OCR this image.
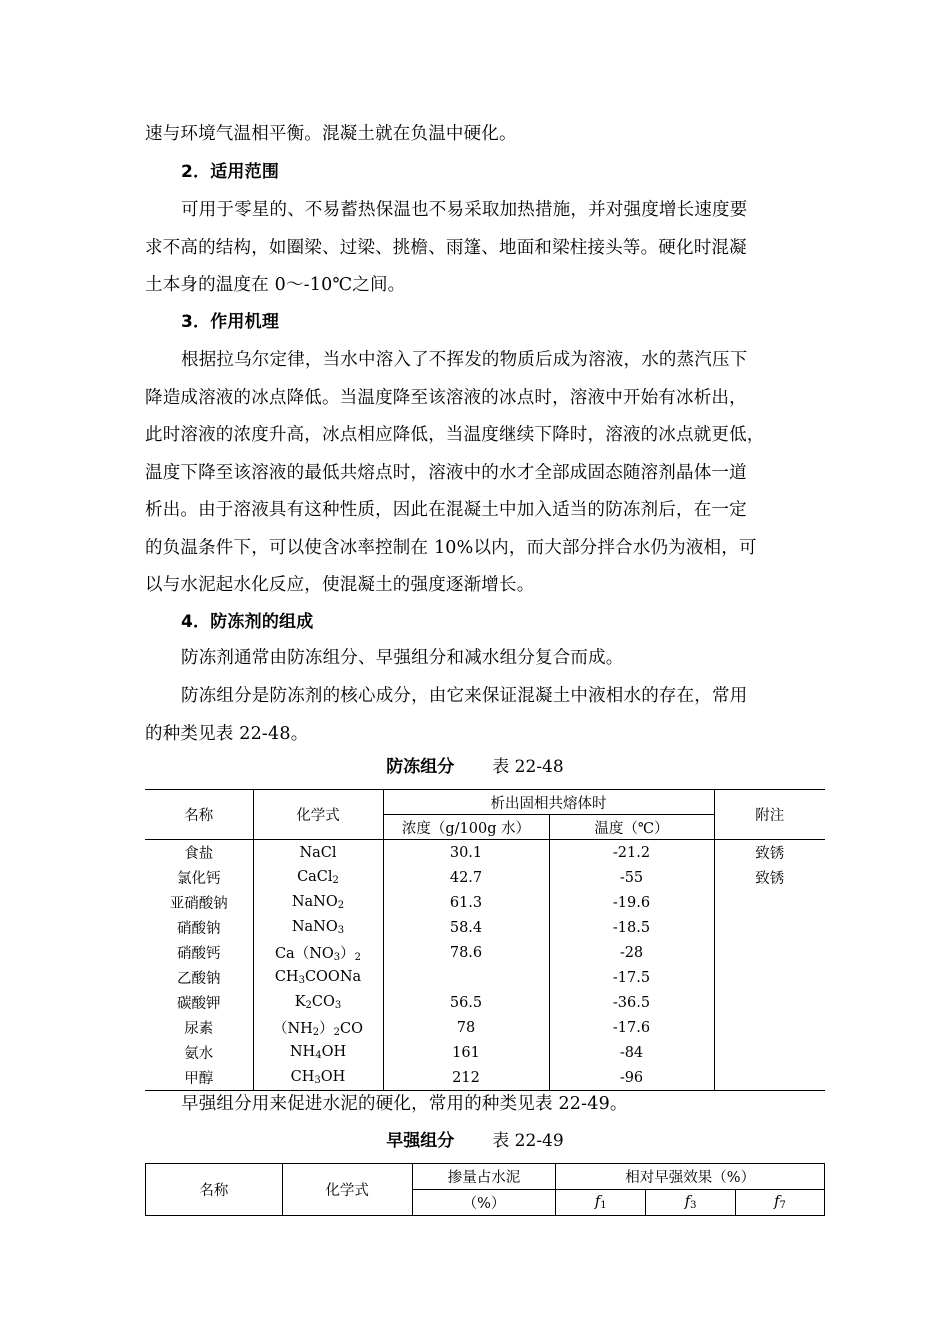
速与环境气温相平衡。混凝土就在负温中硬化。
2．适用范围
可用于零星的、不易蓄热保温也不易采取加热措施，并对强度增长速度要
求不高的结构，如圈梁、过梁、挑檐、雨篷、地面和梁柱接头等。硬化时混凝
土本身的温度在 0～-10℃之间。
3．作用机理
根据拉乌尔定律，当水中溶入了不挥发的物质后成为溶液，水的蒸汽压下
降造成溶液的冰点降低。当温度降至该溶液的冰点时，溶液中开始有冰析出，
此时溶液的浓度升高，冰点相应降低，当温度继续下降时，溶液的冰点就更低，
温度下降至该溶液的最低共熔点时，溶液中的水才全部成固态随溶剂晶体一道
析出。由于溶液具有这种性质，因此在混凝土中加入适当的防冻剂后，在一定
的负温条件下，可以使含冰率控制在 10%以内，而大部分拌合水仍为液相，可
以与水泥起水化反应，使混凝土的强度逐渐增长。
4．防冻剂的组成
防冻剂通常由防冻组分、早强组分和减水组分复合而成。
防冻组分是防冻剂的核心成分，由它来保证混凝土中液相水的存在，常用
的种类见表 22-48。
防冻组分 表 22-48
名称	化学式	析出固相共熔体时		附注
		浓度（g/100g 水）	温度（℃）	
食盐	NaCl	30.1	-21.2	致锈
氯化钙	CaCl$_2$	42.7	-55	致锈
亚硝酸钠	NaNO$_2$	61.3	-19.6	
硝酸钠	NaNO$_3$	58.4	-18.5	
硝酸钙	$Ca(NO_3)_2$	78.6	-28	
乙酸钠	$CH_3COONa$		-17.5	
碳酸钾	$K_2CO_3$	56.5	-36.5	
尿素	$(NH_2)_2CO$	78	-17.6	
氨水	$NH_4OH$	161	-84	
甲醇	$CH_3OH$	212	-96	
早强组分用来促进水泥的硬化，常用的种类见表 22-49。
早强组分 表 22-49
名称	化学式	掺量占水泥	相对早强效果（%）		
		（%）	$f_1$	$f_3$	$f_7$
